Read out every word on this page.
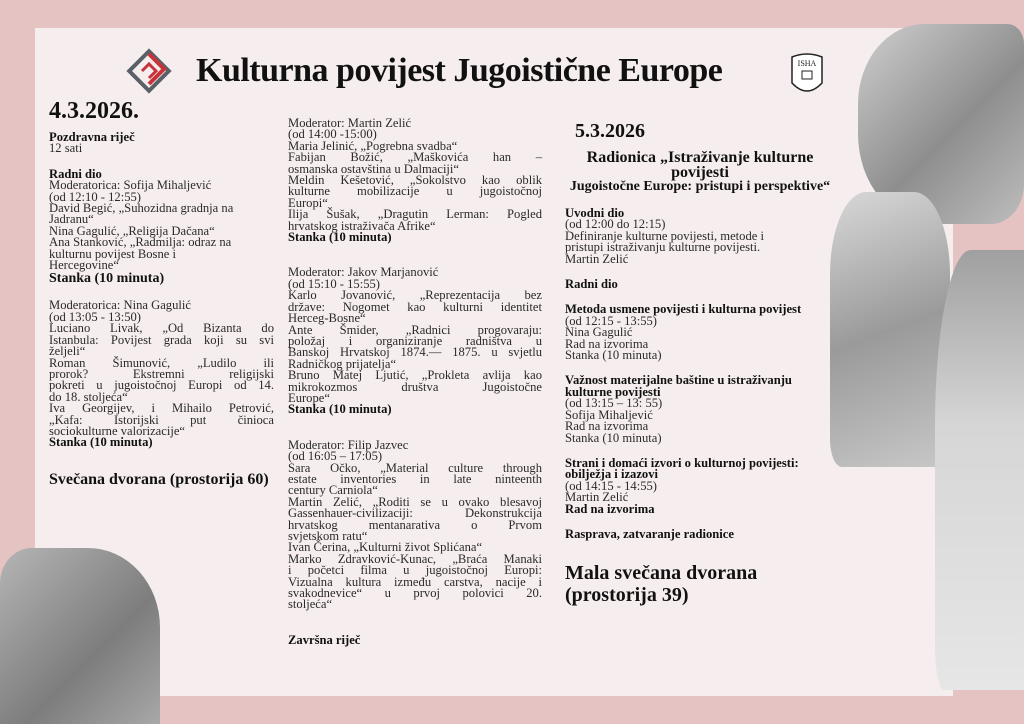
Kulturna povijest Jugoistične Europe	ISHA
4.3.2026.
Pozdravna riječ
12 sati
Radni dio
Moderatorica: Sofija Mihaljević
(od 12:10 - 12:55)
David Begić, „Suhozidna gradnja na
Jadranu“
Nina Gagulić, „Religija Dačana“
Ana Stanković, „Radmilja: odraz na
kulturnu povijest Bosne i
Hercegovine“
Stanka (10 minuta)
Moderatorica: Nina Gagulić
(od 13:05 - 13:50)
Luciano Livak, „Od Bizanta do
Istanbula: Povijest grada koji su svi
željeli“
Roman Šimunović, „Ludilo ili
prorok? Ekstremni religijski
pokreti u jugoistočnoj Europi od 14.
do 18. stoljeća“
Iva Georgijev, i Mihailo Petrović,
„Kafa: Istorijski put činioca
sociokulturne valorizacije“
Stanka (10 minuta)
Svečana dvorana (prostorija 60)
Moderator: Martin Zelić
(od 14:00 -15:00)
Maria Jelinić, „Pogrebna svadba“
Fabijan Božić, „Maškovića han –
osmanska ostavština u Dalmaciji“
Meldin Kešetović, „Sokolstvo kao oblik
kulturne mobilizacije u jugoistočnoj
Europi“
Ilija Šušak, „Dragutin Lerman: Pogled
hrvatskog istraživača Afrike“
Stanka (10 minuta)
Moderator: Jakov Marjanović
(od 15:10 - 15:55)
Karlo Jovanović, „Reprezentacija bez
države: Nogomet kao kulturni identitet
Herceg-Bosne“
Ante Šmider, „Radnici progovaraju:
položaj i organiziranje radništva u
Banskoj Hrvatskoj 1874.— 1875. u svjetlu
Radničkog prijatelja“
Bruno Matej Ljutić, „Prokleta avlija kao
mikrokozmos društva Jugoistočne
Europe“
Stanka (10 minuta)
Moderator: Filip Jazvec
(od 16:05 – 17:05)
Sara Očko, „Material culture through
estate inventories in late ninteenth
century Carniola“
Martin Zelić, „Roditi se u ovako blesavoj
Gassenhauer-civilizaciji: Dekonstrukcija
hrvatskog mentanarativa o Prvom
svjetskom ratu“
Ivan Čerina, „Kulturni život Splićana“
Marko Zdravković-Kunac, „Braća Manaki
i početci filma u jugoistočnoj Europi:
Vizualna kultura između carstva, nacije i
svakodnevice“ u prvoj polovici 20.
stoljeća“
Završna riječ
5.3.2026
Radionica „Istraživanje kulturne povijesti
Jugoistočne Europe: pristupi i perspektive“
Uvodni dio
(od 12:00 do 12:15)
Definiranje kulturne povijesti, metode i
pristupi istraživanju kulturne povijesti.
Martin Zelić
Radni dio
Metoda usmene povijesti i kulturna povijest
(od 12:15 - 13:55)
Nina Gagulić
Rad na izvorima
Stanka (10 minuta)
Važnost materijalne baštine u istraživanju
kulturne povijesti
(od 13:15 – 13: 55)
Sofija Mihaljević
Rad na izvorima
Stanka (10 minuta)
Strani i domaći izvori o kulturnoj povijesti:
obilježja i izazovi
(od 14:15 - 14:55)
Martin Zelić
Rad na izvorima
Rasprava, zatvaranje radionice
Mala svečana dvorana (prostorija 39)
